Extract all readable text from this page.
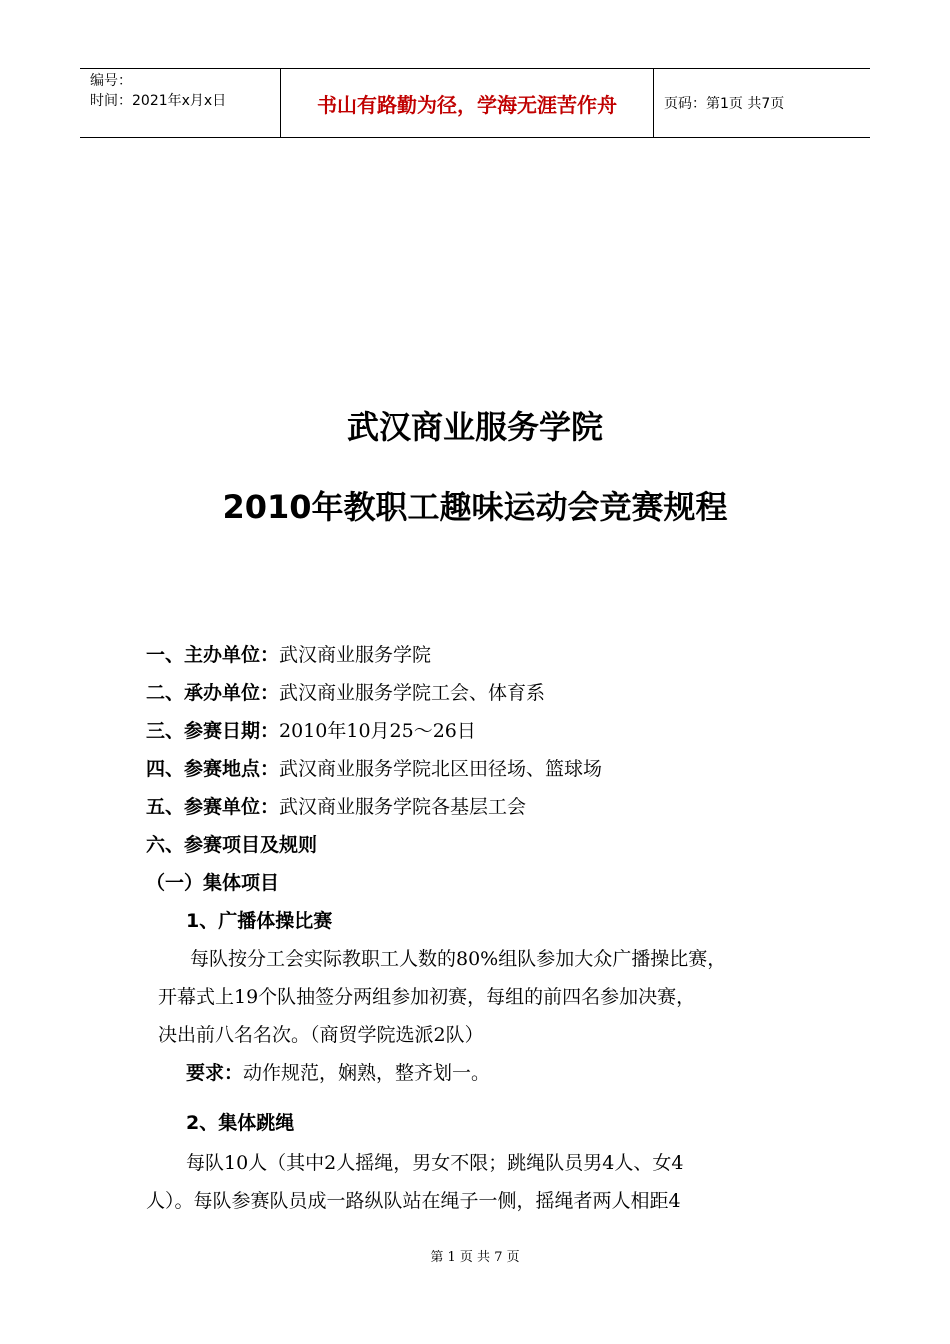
编号：
时间：2021年x月x日	书山有路勤为径，学海无涯苦作舟	页码：第1页 共7页
武汉商业服务学院
2010年教职工趣味运动会竞赛规程
一、主办单位：武汉商业服务学院
二、承办单位：武汉商业服务学院工会、体育系
三、参赛日期：2010年10月25～26日
四、参赛地点：武汉商业服务学院北区田径场、篮球场
五、参赛单位：武汉商业服务学院各基层工会
六、参赛项目及规则
（一）集体项目
1、广播体操比赛
每队按分工会实际教职工人数的80%组队参加大众广播操比赛，
开幕式上19个队抽签分两组参加初赛，每组的前四名参加决赛，
决出前八名名次。（商贸学院选派2队）
要求：动作规范，娴熟，整齐划一。
2、集体跳绳
每队10人（其中2人摇绳，男女不限；跳绳队员男4人、女4
人）。每队参赛队员成一路纵队站在绳子一侧，摇绳者两人相距4
第 1 页 共 7 页
